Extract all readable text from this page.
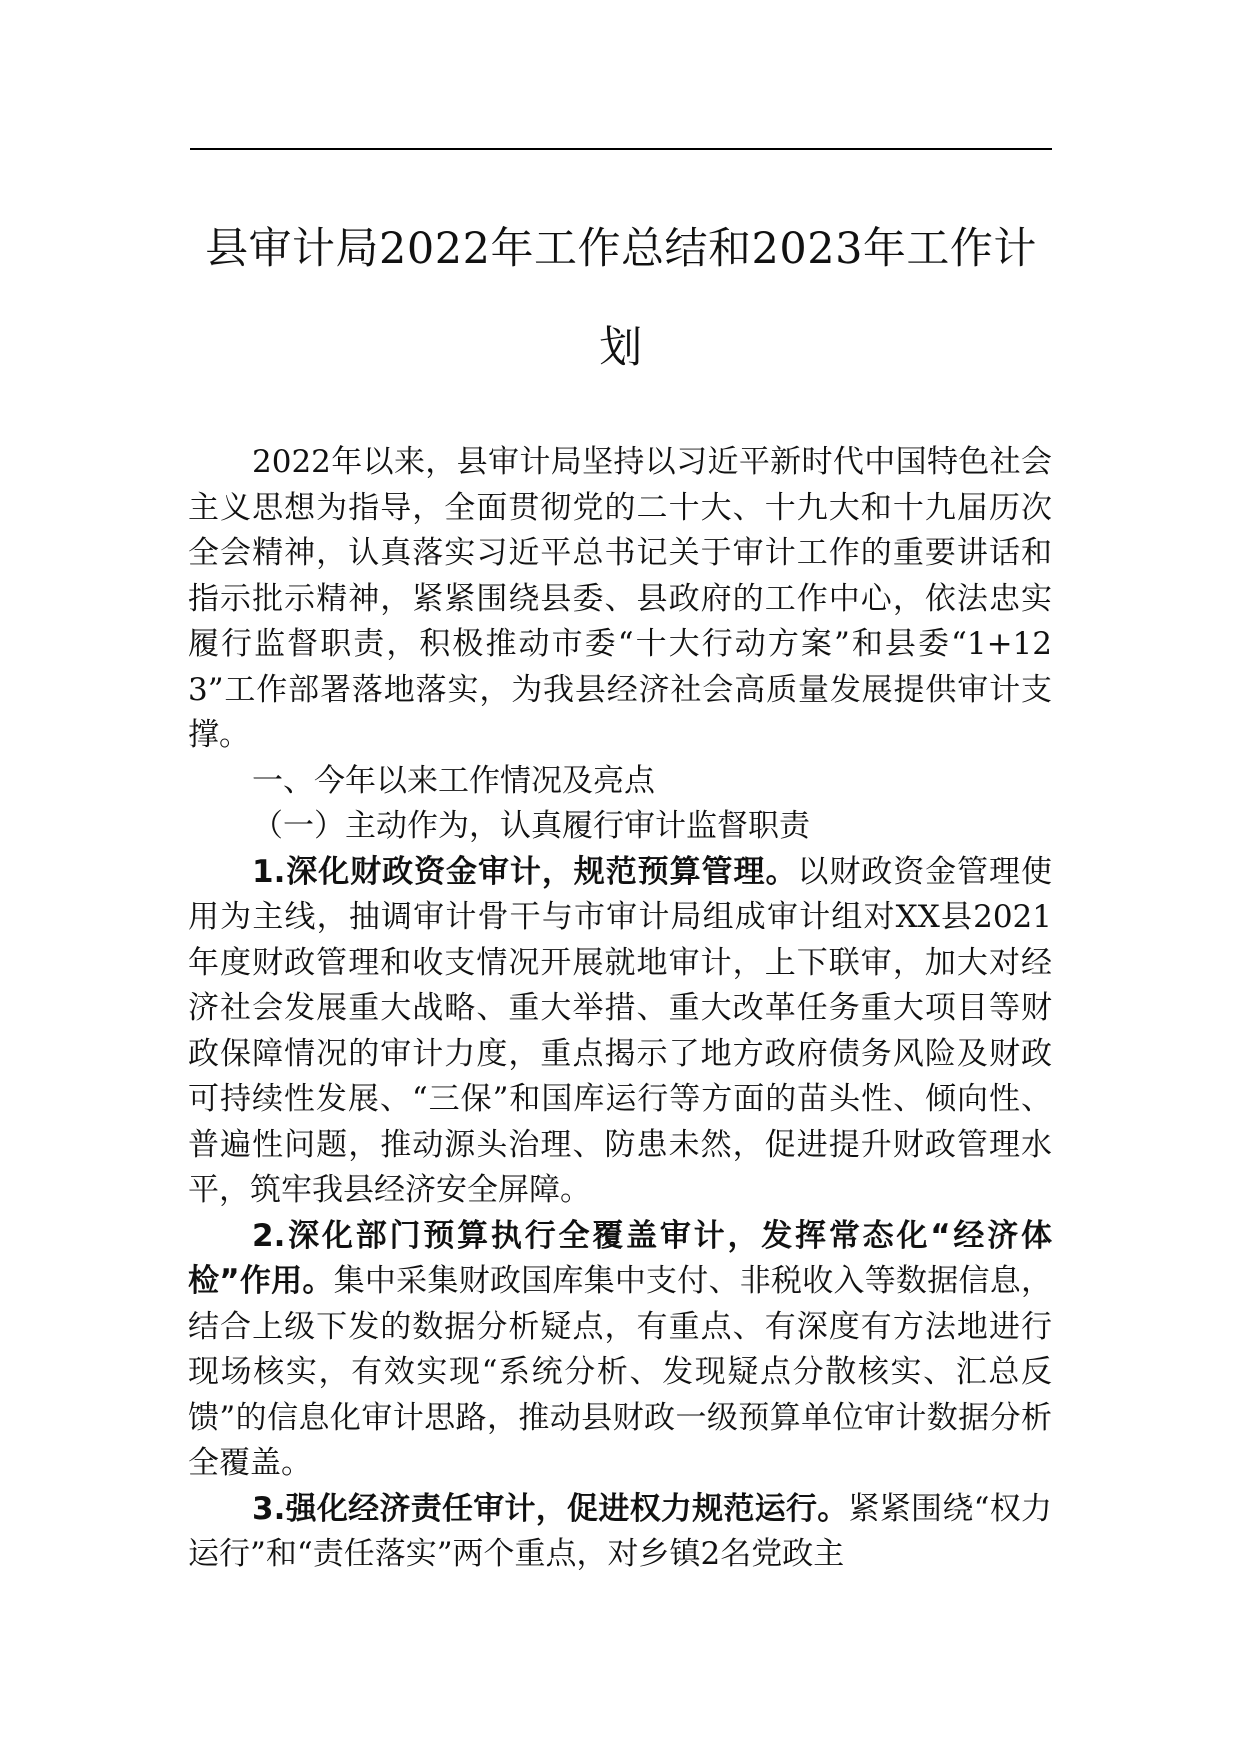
县审计局2022年工作总结和2023年工作计划

2022年以来，县审计局坚持以习近平新时代中国特色社会主义思想为指导，全面贯彻党的二十大、十九大和十九届历次全会精神，认真落实习近平总书记关于审计工作的重要讲话和指示批示精神，紧紧围绕县委、县政府的工作中心，依法忠实履行监督职责，积极推动市委“十大行动方案”和县委“1+123”工作部署落地落实，为我县经济社会高质量发展提供审计支撑。

一、今年以来工作情况及亮点

（一）主动作为，认真履行审计监督职责

1.深化财政资金审计，规范预算管理。以财政资金管理使用为主线，抽调审计骨干与市审计局组成审计组对XX县2021年度财政管理和收支情况开展就地审计，上下联审，加大对经济社会发展重大战略、重大举措、重大改革任务重大项目等财政保障情况的审计力度，重点揭示了地方政府债务风险及财政可持续性发展、“三保”和国库运行等方面的苗头性、倾向性、普遍性问题，推动源头治理、防患未然，促进提升财政管理水平，筑牢我县经济安全屏障。

2.深化部门预算执行全覆盖审计，发挥常态化“经济体检”作用。集中采集财政国库集中支付、非税收入等数据信息，结合上级下发的数据分析疑点，有重点、有深度有方法地进行现场核实，有效实现“系统分析、发现疑点分散核实、汇总反馈”的信息化审计思路，推动县财政一级预算单位审计数据分析全覆盖。

3.强化经济责任审计，促进权力规范运行。紧紧围绕“权力运行”和“责任落实”两个重点，对乡镇2名党政主
